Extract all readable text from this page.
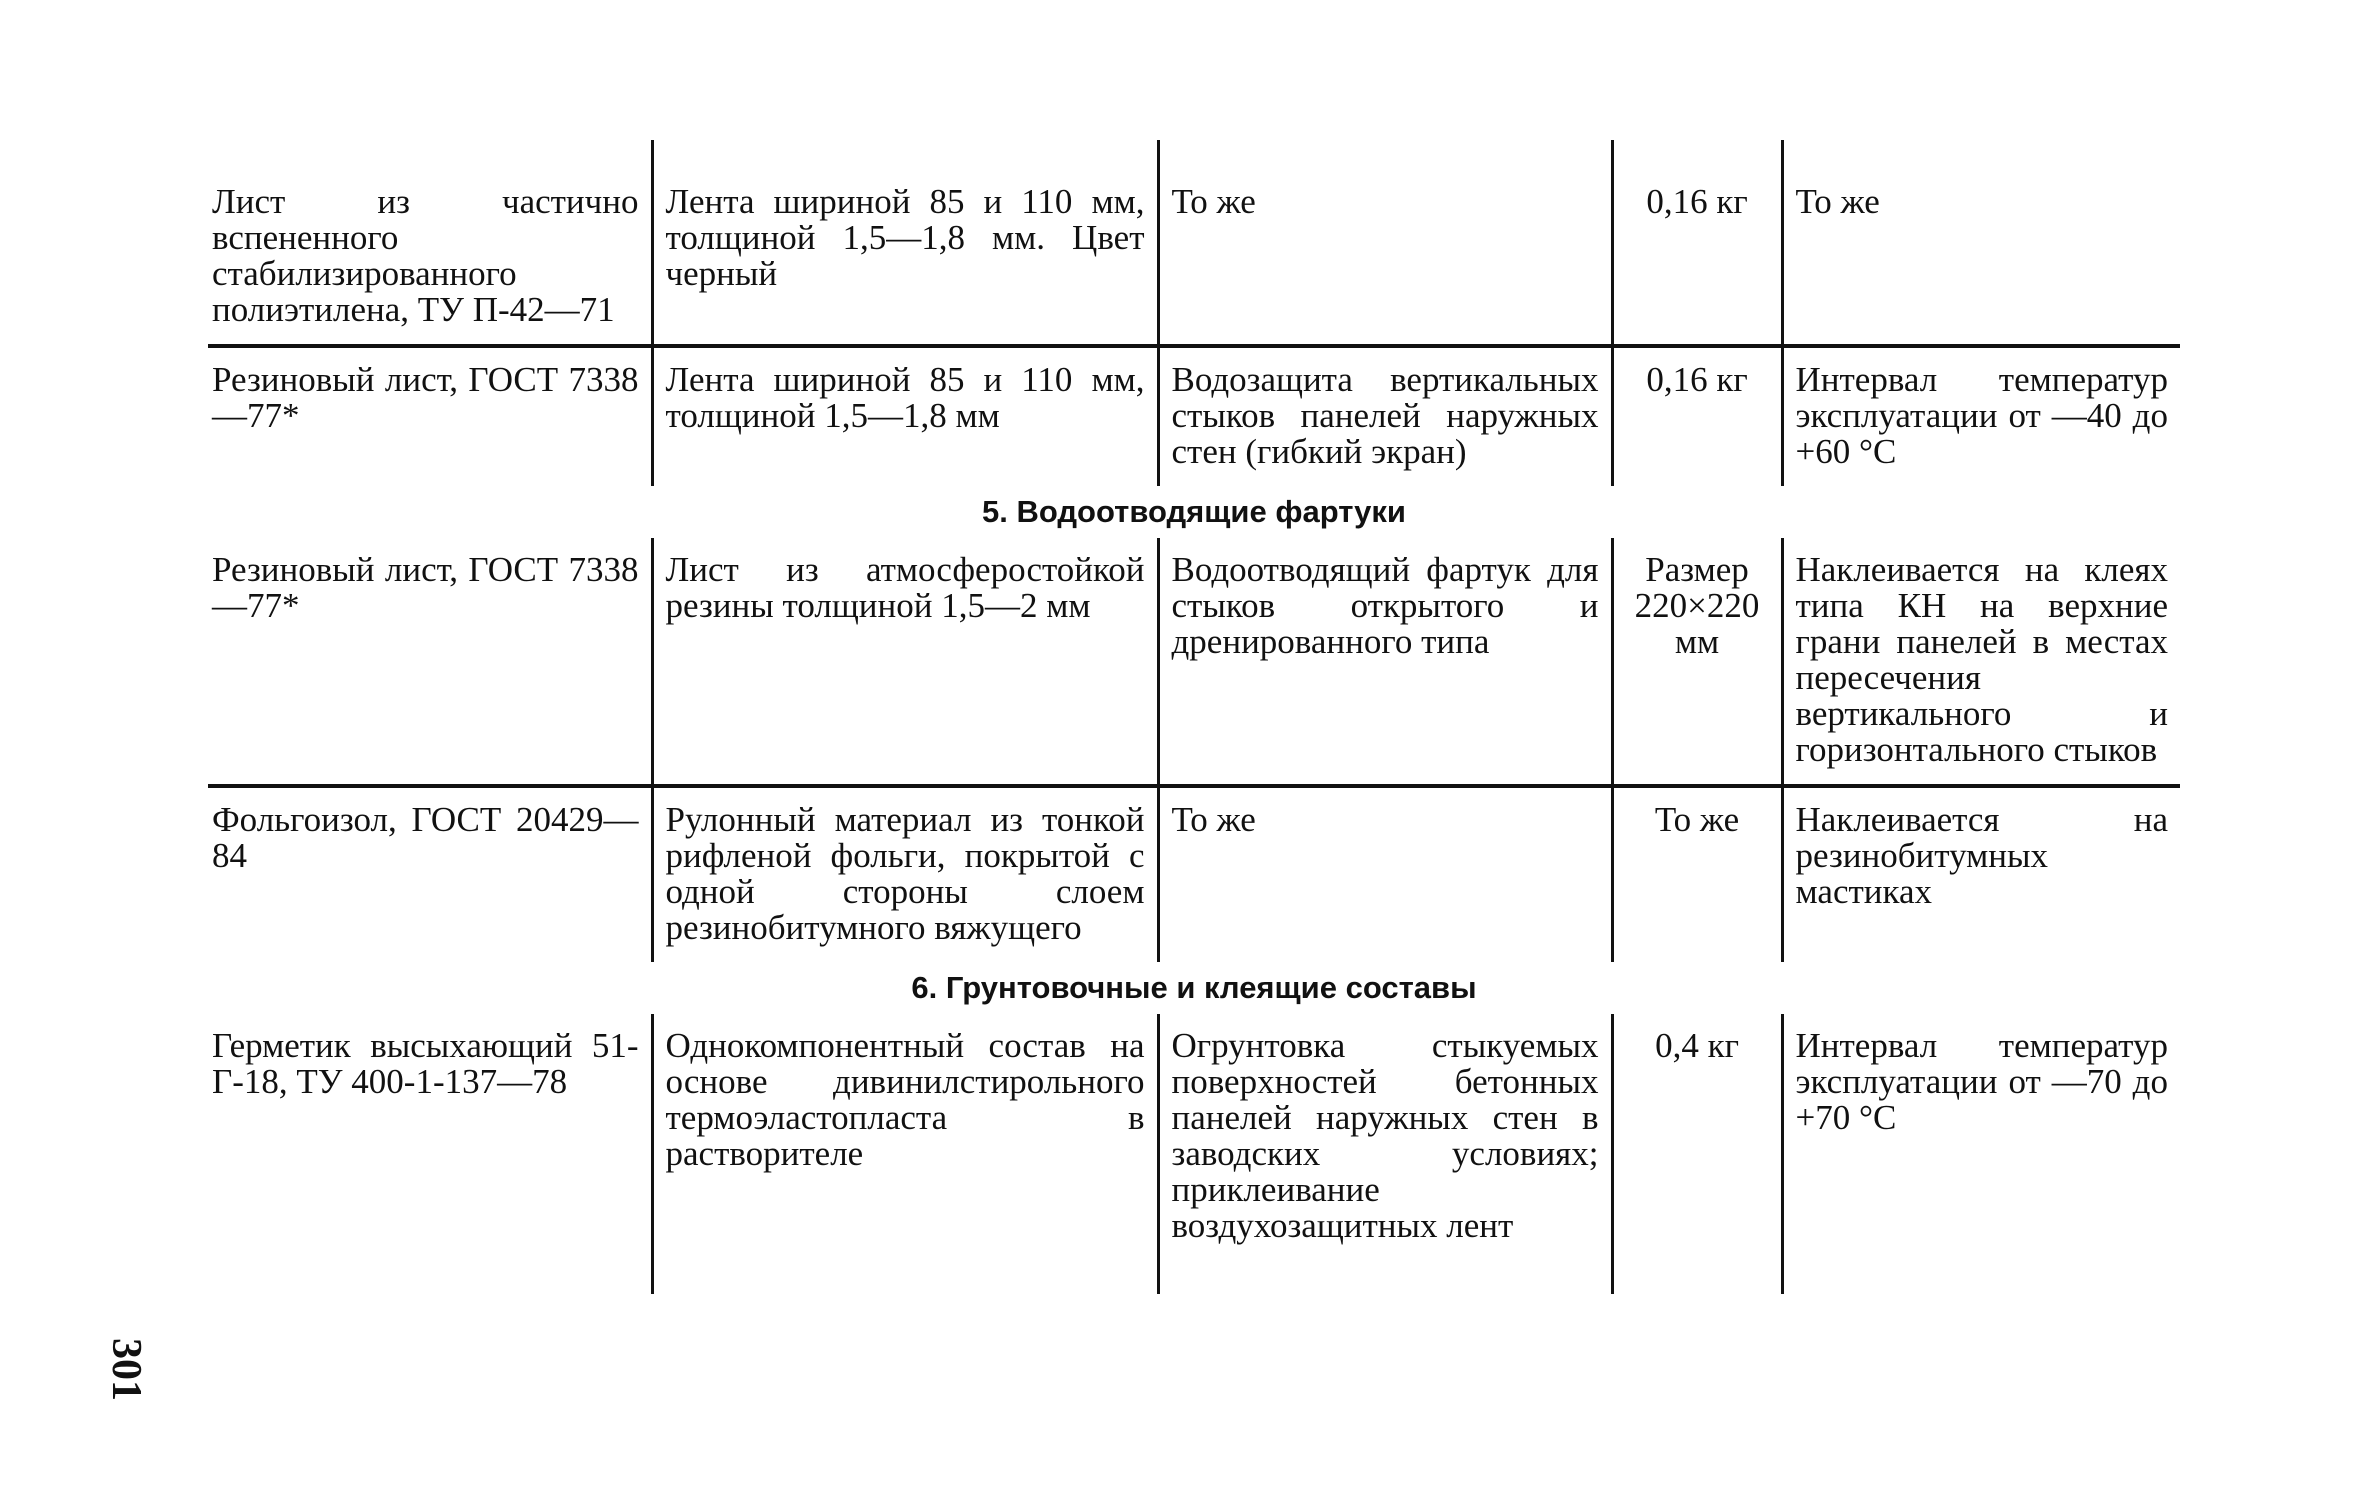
Лист из частично вспененного стабилизированного полиэтилена, ТУ П-42—71	Лента шириной 85 и 110 мм, толщиной 1,5—1,8 мм. Цвет черный	То же	0,16 кг	То же
Резиновый лист, ГОСТ 7338—77*	Лента шириной 85 и 110 мм, толщиной 1,5—1,8 мм	Водозащита вертикальных стыков панелей наружных стен (гибкий экран)	0,16 кг	Интервал температур эксплуатации от —40 до +60 °С
5. Водоотводящие фартуки				
Резиновый лист, ГОСТ 7338—77*	Лист из атмосферостойкой резины толщиной 1,5—2 мм	Водоотводящий фартук для стыков открытого и дренированного типа	Размер 220×220 мм	Наклеивается на клеях типа КН на верхние грани панелей в местах пересечения вертикального и горизонтального стыков
Фольгоизол, ГОСТ 20429—84	Рулонный материал из тонкой рифленой фольги, покрытой с одной стороны слоем резинобитумного вяжущего	То же	То же	Наклеивается на резинобитумных мастиках
6. Грунтовочные и клеящие составы				
Герметик высыхающий 51-Г-18, ТУ 400-1-137—78	Однокомпонентный состав на основе дивинилстирольного термоэластопласта в растворителе	Огрунтовка стыкуемых поверхностей бетонных панелей наружных стен в заводских условиях; приклеивание воздухозащитных лент	0,4 кг	Интервал температур эксплуатации от —70 до +70 °С
301
